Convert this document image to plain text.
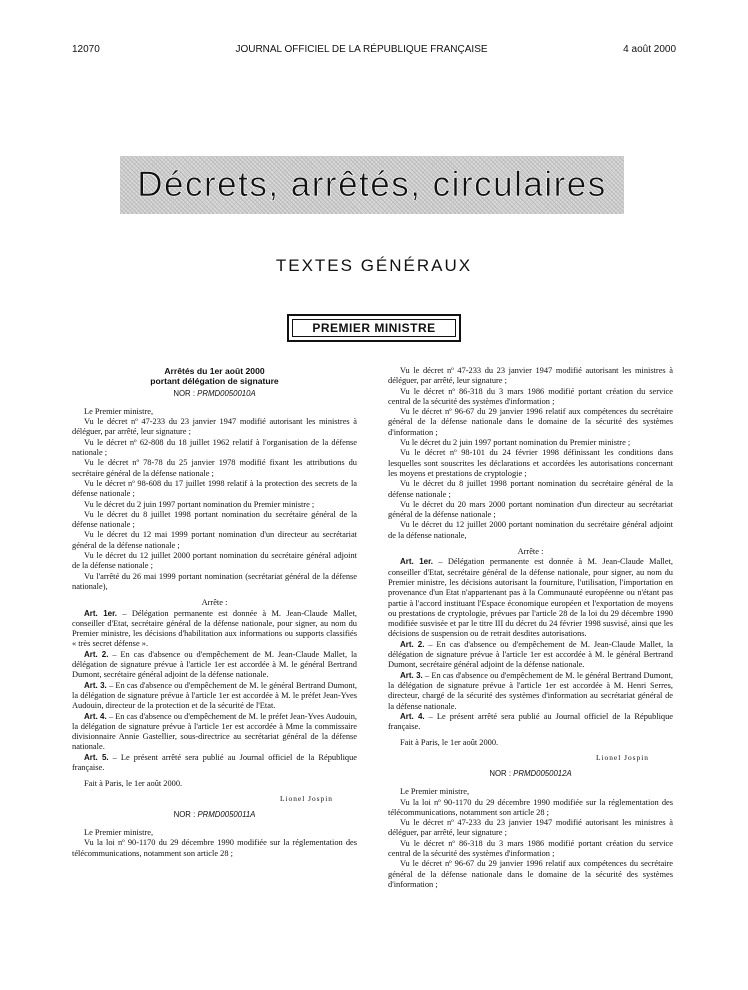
12070	JOURNAL OFFICIEL DE LA RÉPUBLIQUE FRANÇAISE	4 août 2000
Décrets, arrêtés, circulaires
TEXTES GÉNÉRAUX
PREMIER MINISTRE

Arrêtés du 1er août 2000

portant délégation de signature

NOR : PRMD0050010A

Le Premier ministre,

Vu le décret nº 47-233 du 23 janvier 1947 modifié autorisant les ministres à déléguer, par arrêté, leur signature ;

Vu le décret nº 62-808 du 18 juillet 1962 relatif à l'organisation de la défense nationale ;

Vu le décret nº 78-78 du 25 janvier 1978 modifié fixant les attributions du secrétaire général de la défense nationale ;

Vu le décret nº 98-608 du 17 juillet 1998 relatif à la protection des secrets de la défense nationale ;

Vu le décret du 2 juin 1997 portant nomination du Premier ministre ;

Vu le décret du 8 juillet 1998 portant nomination du secrétaire général de la défense nationale ;

Vu le décret du 12 mai 1999 portant nomination d'un directeur au secrétariat général de la défense nationale ;

Vu le décret du 12 juillet 2000 portant nomination du secrétaire général adjoint de la défense nationale ;

Vu l'arrêté du 26 mai 1999 portant nomination (secrétariat général de la défense nationale),

Arrête :

Art. 1er. – Délégation permanente est donnée à M. Jean-Claude Mallet, conseiller d'Etat, secrétaire général de la défense nationale, pour signer, au nom du Premier ministre, les décisions d'habilitation aux informations ou supports classifiés « très secret défense ».

Art. 2. – En cas d'absence ou d'empêchement de M. Jean-Claude Mallet, la délégation de signature prévue à l'article 1er est accordée à M. le général Bertrand Dumont, secrétaire général adjoint de la défense nationale.

Art. 3. – En cas d'absence ou d'empêchement de M. le général Bertrand Dumont, la délégation de signature prévue à l'article 1er est accordée à M. le préfet Jean-Yves Audouin, directeur de la protection et de la sécurité de l'Etat.

Art. 4. – En cas d'absence ou d'empêchement de M. le préfet Jean-Yves Audouin, la délégation de signature prévue à l'article 1er est accordée à Mme la commissaire divisionnaire Annie Gastellier, sous-directrice au secrétariat général de la défense nationale.

Art. 5. – Le présent arrêté sera publié au Journal officiel de la République française.

Fait à Paris, le 1er août 2000.

Lionel Jospin

NOR : PRMD0050011A

Le Premier ministre,

Vu la loi nº 90-1170 du 29 décembre 1990 modifiée sur la réglementation des télécommunications, notamment son article 28 ;

Vu le décret nº 47-233 du 23 janvier 1947 modifié autorisant les ministres à déléguer, par arrêté, leur signature ;

Vu le décret nº 86-318 du 3 mars 1986 modifié portant création du service central de la sécurité des systèmes d'information ;

Vu le décret nº 96-67 du 29 janvier 1996 relatif aux compétences du secrétaire général de la défense nationale dans le domaine de la sécurité des systèmes d'information ;

Vu le décret du 2 juin 1997 portant nomination du Premier ministre ;

Vu le décret nº 98-101 du 24 février 1998 définissant les conditions dans lesquelles sont souscrites les déclarations et accordées les autorisations concernant les moyens et prestations de cryptologie ;

Vu le décret du 8 juillet 1998 portant nomination du secrétaire général de la défense nationale ;

Vu le décret du 20 mars 2000 portant nomination d'un directeur au secrétariat général de la défense nationale ;

Vu le décret du 12 juillet 2000 portant nomination du secrétaire général adjoint de la défense nationale,

Arrête :

Art. 1er. – Délégation permanente est donnée à M. Jean-Claude Mallet, conseiller d'Etat, secrétaire général de la défense nationale, pour signer, au nom du Premier ministre, les décisions autorisant la fourniture, l'utilisation, l'importation en provenance d'un Etat n'appartenant pas à la Communauté européenne ou n'étant pas partie à l'accord instituant l'Espace économique européen et l'exportation de moyens ou prestations de cryptologie, prévues par l'article 28 de la loi du 29 décembre 1990 modifiée susvisée et par le titre III du décret du 24 février 1998 susvisé, ainsi que les décisions de suspension ou de retrait desdites autorisations.

Art. 2. – En cas d'absence ou d'empêchement de M. Jean-Claude Mallet, la délégation de signature prévue à l'article 1er est accordée à M. le général Bertrand Dumont, secrétaire général adjoint de la défense nationale.

Art. 3. – En cas d'absence ou d'empêchement de M. le général Bertrand Dumont, la délégation de signature prévue à l'article 1er est accordée à M. Henri Serres, directeur, chargé de la sécurité des systèmes d'information au secrétariat général de la défense nationale.

Art. 4. – Le présent arrêté sera publié au Journal officiel de la République française.

Fait à Paris, le 1er août 2000.

Lionel Jospin

NOR : PRMD0050012A

Le Premier ministre,

Vu la loi nº 90-1170 du 29 décembre 1990 modifiée sur la réglementation des télécommunications, notamment son article 28 ;

Vu le décret nº 47-233 du 23 janvier 1947 modifié autorisant les ministres à déléguer, par arrêté, leur signature ;

Vu le décret nº 86-318 du 3 mars 1986 modifié portant création du service central de la sécurité des systèmes d'information ;

Vu le décret nº 96-67 du 29 janvier 1996 relatif aux compétences du secrétaire général de la défense nationale dans le domaine de la sécurité des systèmes d'information ;
